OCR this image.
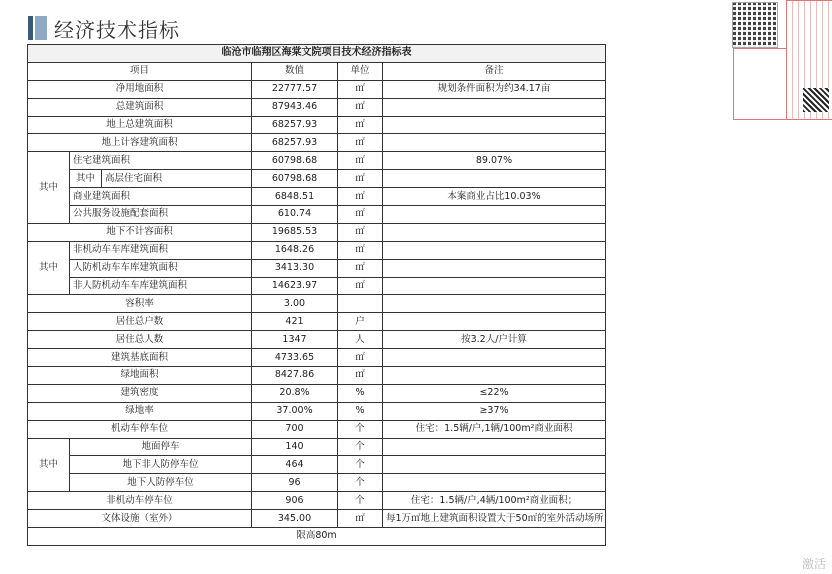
经济技术指标
临沧市临翔区海棠文院项目技术经济指标表					
项目			数值	单位	备注
净用地面积			22777.57	㎡	规划条件面积为约34.17亩
总建筑面积			87943.46	㎡	
地上总建筑面积			68257.93	㎡	
地上计容建筑面积			68257.93	㎡	
其中	住宅建筑面积		60798.68	㎡	89.07%
	其中	高层住宅面积	60798.68	㎡	
	商业建筑面积		6848.51	㎡	本案商业占比10.03%
	公共服务设施配套面积		610.74	㎡	
地下不计容面积			19685.53	㎡	
其中	非机动车车库建筑面积		1648.26	㎡	
	人防机动车车库建筑面积		3413.30	㎡	
	非人防机动车车库建筑面积		14623.97	㎡	
容积率			3.00		
居住总户数			421	户	
居住总人数			1347	人	按3.2人/户计算
建筑基底面积			4733.65	㎡	
绿地面积			8427.86	㎡	
建筑密度			20.8%	%	≤22%
绿地率			37.00%	%	≥37%
机动车停车位			700	个	住宅：1.5辆/户,1辆/100m²商业面积
其中	地面停车		140	个	
	地下非人防停车位		464	个	
	地下人防停车位		96	个	
非机动车停车位			906	个	住宅：1.5辆/户,4辆/100m²商业面积；
文体设施（室外）			345.00	㎡	每1万㎡地上建筑面积设置大于50㎡的室外活动场所
限高80m					
激活
